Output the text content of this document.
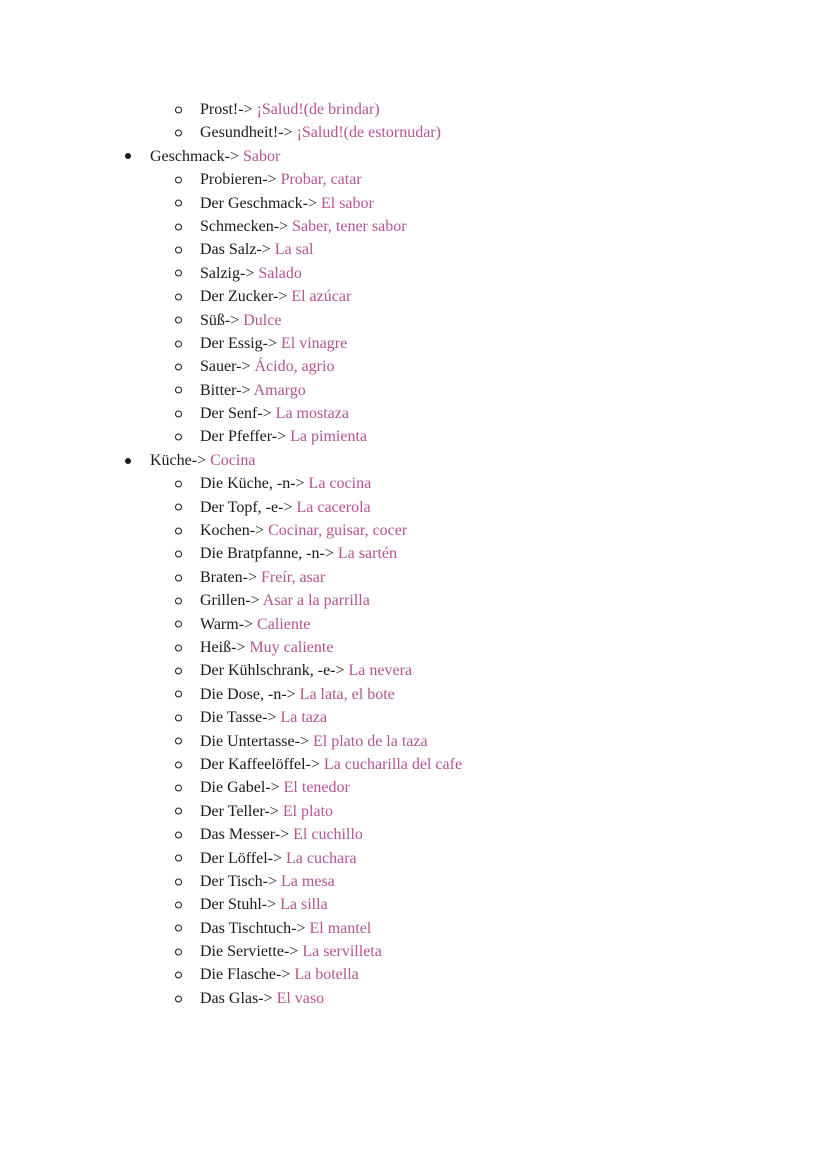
Prost!-> ¡Salud!(de brindar)
Gesundheit!-> ¡Salud!(de estornudar)
Geschmack-> Sabor
Probieren-> Probar, catar
Der Geschmack-> El sabor
Schmecken-> Saber, tener sabor
Das Salz-> La sal
Salzig-> Salado
Der Zucker-> El azúcar
Süß-> Dulce
Der Essig-> El vinagre
Sauer-> Ácido, agrio
Bitter-> Amargo
Der Senf-> La mostaza
Der Pfeffer-> La pimienta
Küche-> Cocina
Die Küche, -n-> La cocina
Der Topf, -e-> La cacerola
Kochen-> Cocinar, guisar, cocer
Die Bratpfanne, -n-> La sartén
Braten-> Freír, asar
Grillen-> Asar a la parrilla
Warm-> Caliente
Heiß-> Muy caliente
Der Kühlschrank, -e-> La nevera
Die Dose, -n-> La lata, el bote
Die Tasse-> La taza
Die Untertasse-> El plato de la taza
Der Kaffeelöffel-> La cucharilla del cafe
Die Gabel-> El tenedor
Der Teller-> El plato
Das Messer-> El cuchillo
Der Löffel-> La cuchara
Der Tisch-> La mesa
Der Stuhl-> La silla
Das Tischtuch-> El mantel
Die Serviette-> La servilleta
Die Flasche-> La botella
Das Glas-> El vaso
